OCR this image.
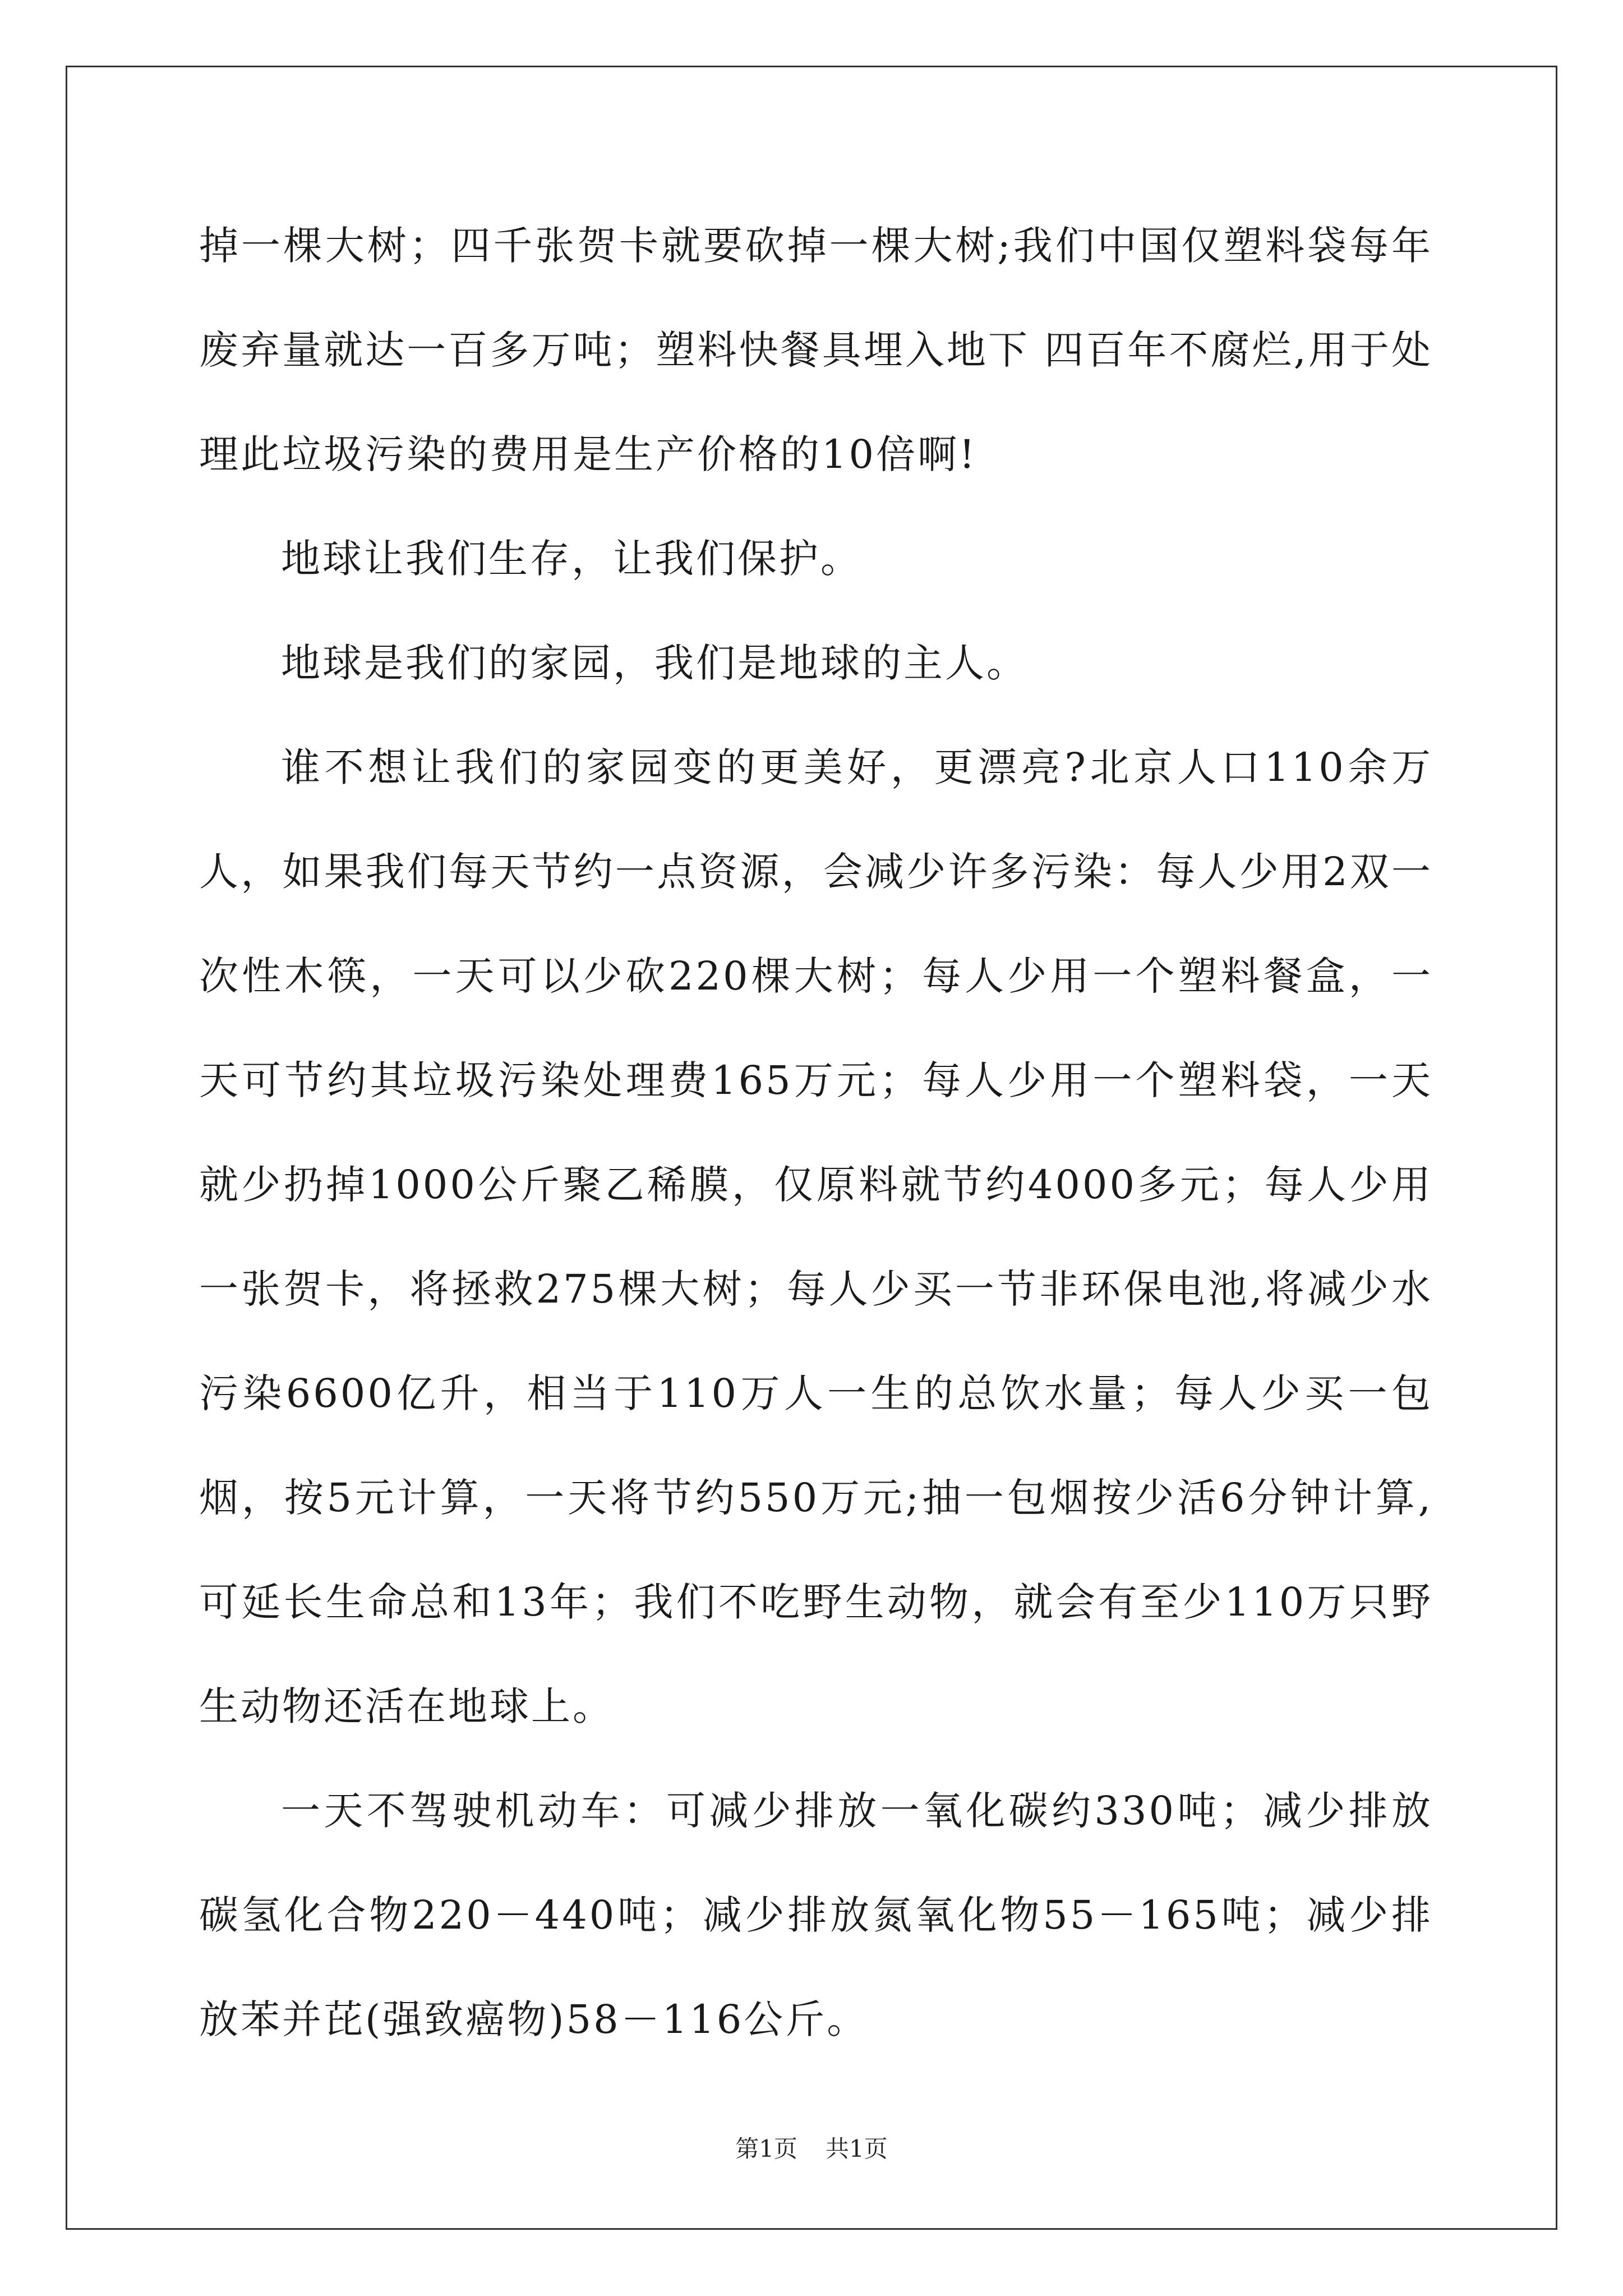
掉一棵大树；四千张贺卡就要砍掉一棵大树;我们中国仅塑料袋每年废弃量就达一百多万吨；塑料快餐具埋入地下 四百年不腐烂,用于处理此垃圾污染的费用是生产价格的10倍啊!

地球让我们生存，让我们保护。

地球是我们的家园，我们是地球的主人。

谁不想让我们的家园变的更美好，更漂亮?北京人口110余万人，如果我们每天节约一点资源，会减少许多污染：每人少用2双一次性木筷，一天可以少砍220棵大树；每人少用一个塑料餐盒，一天可节约其垃圾污染处理费165万元；每人少用一个塑料袋，一天就少扔掉1000公斤聚乙稀膜，仅原料就节约4000多元；每人少用一张贺卡，将拯救275棵大树；每人少买一节非环保电池,将减少水污染6600亿升，相当于110万人一生的总饮水量；每人少买一包烟，按5元计算，一天将节约550万元;抽一包烟按少活6分钟计算,可延长生命总和13年；我们不吃野生动物，就会有至少110万只野生动物还活在地球上。

一天不驾驶机动车：可减少排放一氧化碳约330吨；减少排放碳氢化合物220－440吨；减少排放氮氧化物55－165吨；减少排放苯并芘(强致癌物)58－116公斤。

第1页 共1页
